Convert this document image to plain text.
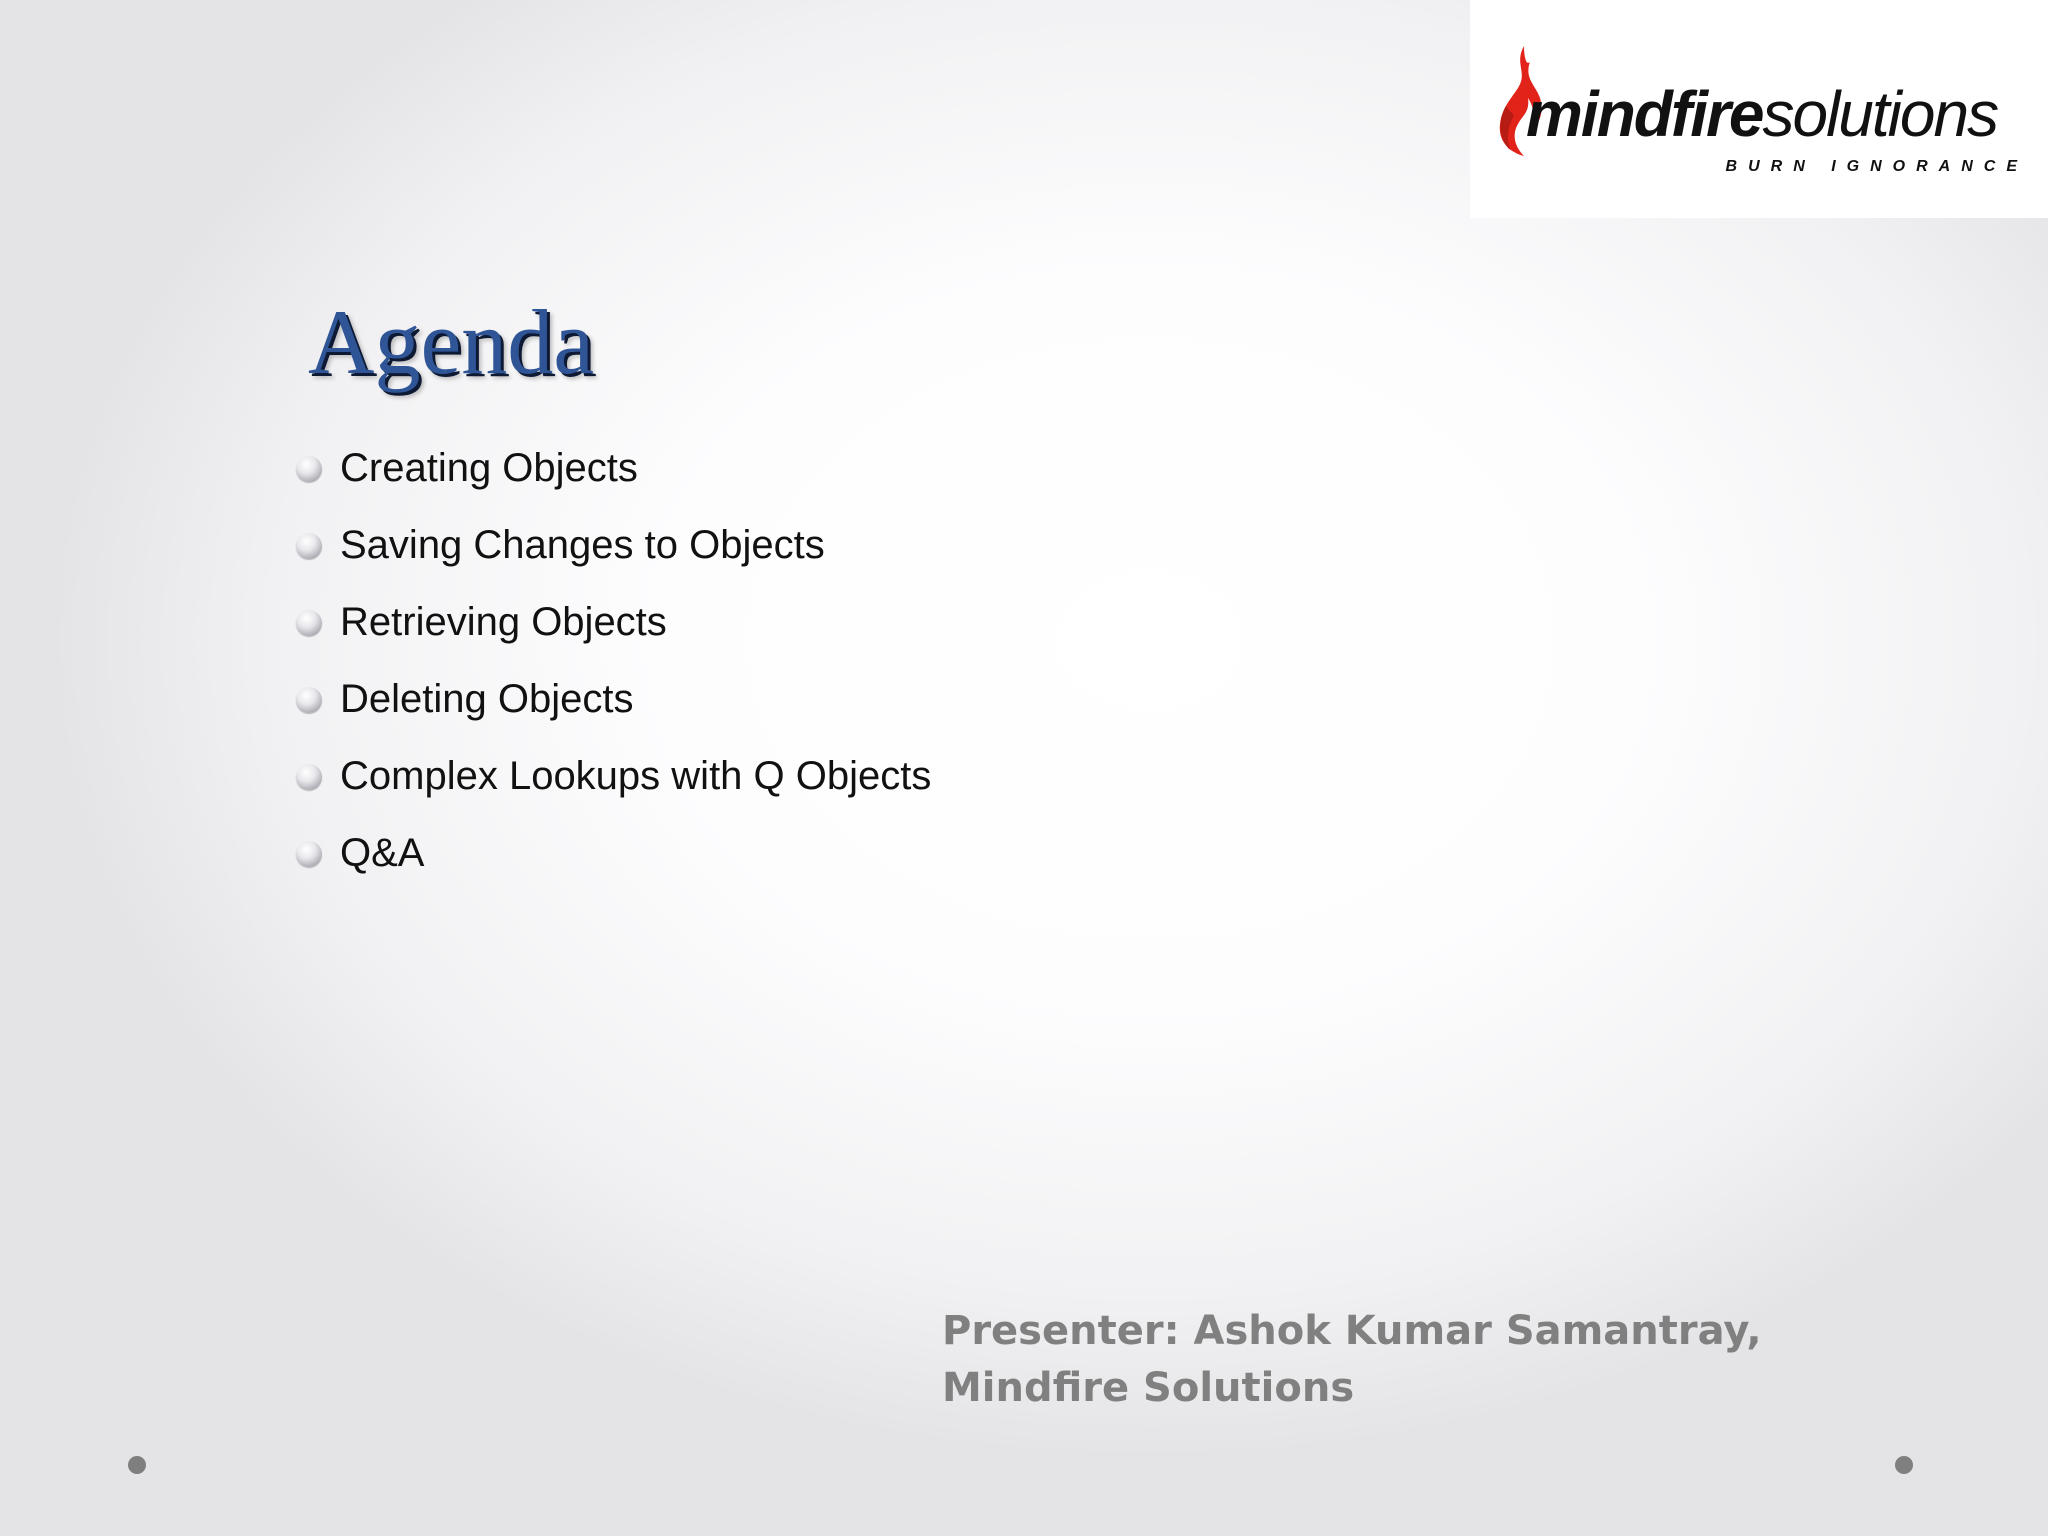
mindfiresolutions
BURN IGNORANCE
Agenda
Creating Objects
Saving Changes to Objects
Retrieving Objects
Deleting Objects
Complex Lookups with Q Objects
Q&A
Presenter: Ashok Kumar Samantray, Mindfire Solutions
